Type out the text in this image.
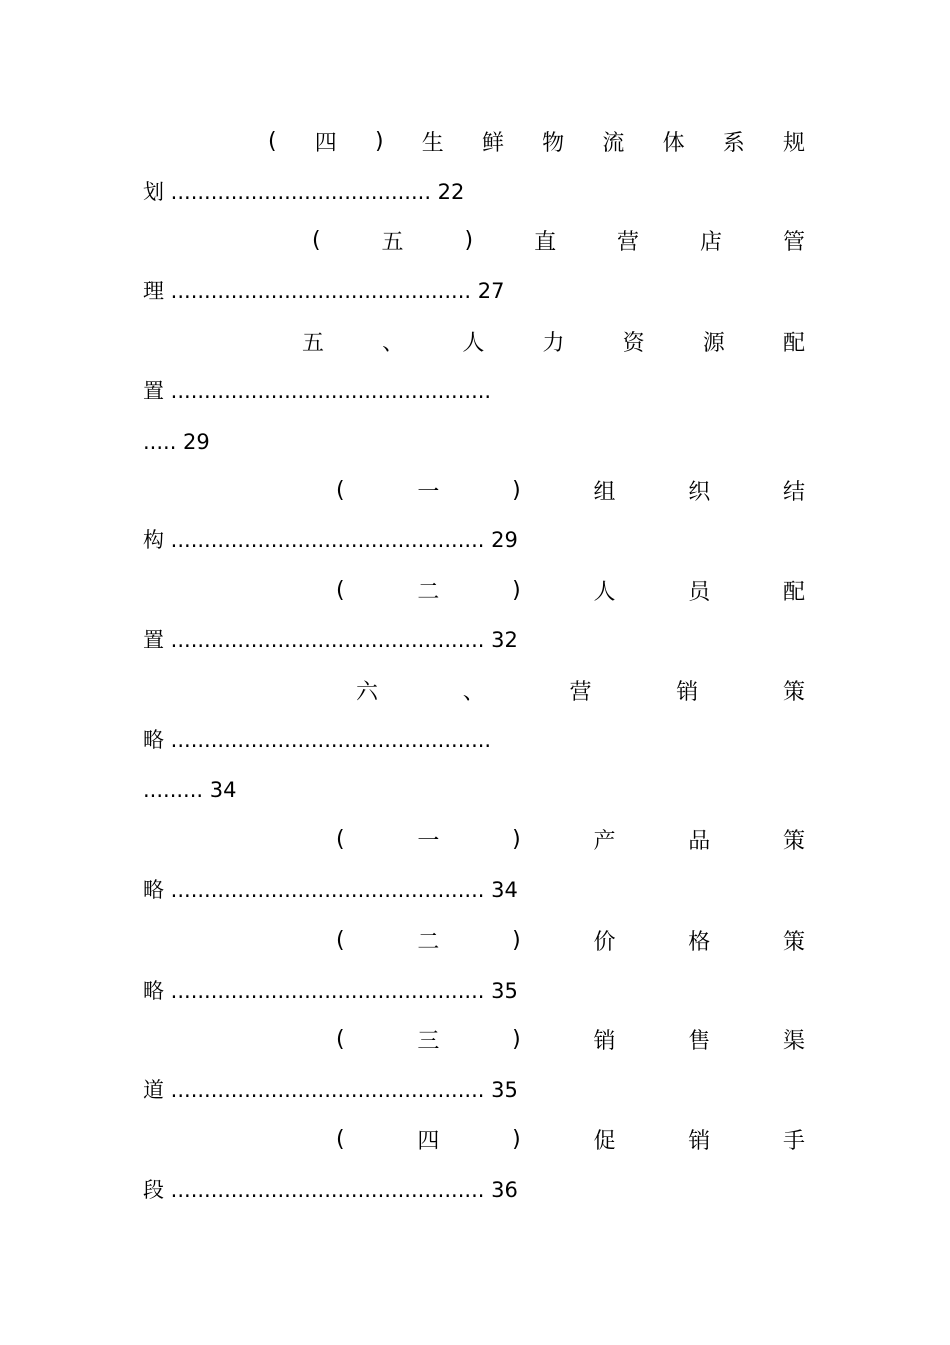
( 四 ) 生 鲜 物 流 体 系 规
划 ....................................... 22
(	五	)	直	营	店	管
理 ............................................. 27
五	、	人	力	资	源	配
置 ................................................
..... 29
(	一	)	组	织	结
构 ............................................... 29
(	二	)	人	员	配
置 ............................................... 32
六	、	营	销	策
略 ................................................
......... 34
(	一	)	产	品	策
略 ............................................... 34
(	二	)	价	格	策
略 ............................................... 35
(	三	)	销	售	渠
道 ............................................... 35
(	四	)	促	销	手
段 ............................................... 36
